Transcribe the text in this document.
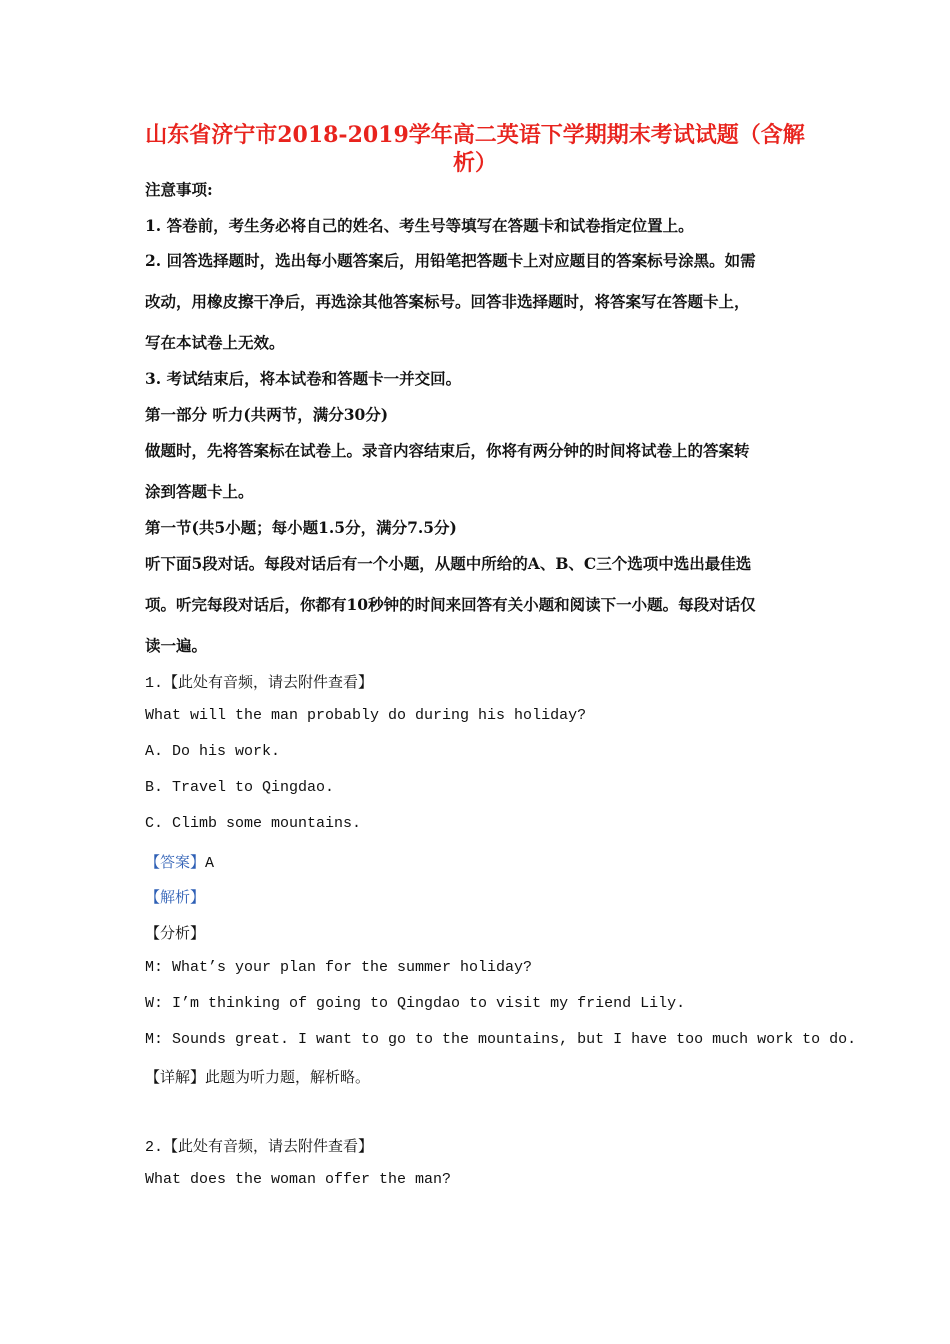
山东省济宁市2018-2019学年高二英语下学期期末考试试题（含解
析）
注意事项:
1. 答卷前，考生务必将自己的姓名、考生号等填写在答题卡和试卷指定位置上。
2. 回答选择题时，选出每小题答案后，用铅笔把答题卡上对应题目的答案标号涂黑。如需
改动，用橡皮擦干净后，再选涂其他答案标号。回答非选择题时，将答案写在答题卡上，
写在本试卷上无效。
3. 考试结束后，将本试卷和答题卡一并交回。
第一部分 听力(共两节，满分30分)
做题时，先将答案标在试卷上。录音内容结束后，你将有两分钟的时间将试卷上的答案转
涂到答题卡上。
第一节(共5小题；每小题1.5分，满分7.5分)
听下面5段对话。每段对话后有一个小题，从题中所给的A、B、C三个选项中选出最佳选
项。听完每段对话后，你都有10秒钟的时间来回答有关小题和阅读下一小题。每段对话仅
读一遍。
1.【此处有音频，请去附件查看】
What will the man probably do during his holiday?
A. Do his work.
B. Travel to Qingdao.
C. Climb some mountains.
【答案】A
【解析】
【分析】
M: What’s your plan for the summer holiday?
W: I’m thinking of going to Qingdao to visit my friend Lily.
M: Sounds great. I want to go to the mountains, but I have too much work to do.
【详解】此题为听力题，解析略。
2.【此处有音频，请去附件查看】
What does the woman offer the man?
